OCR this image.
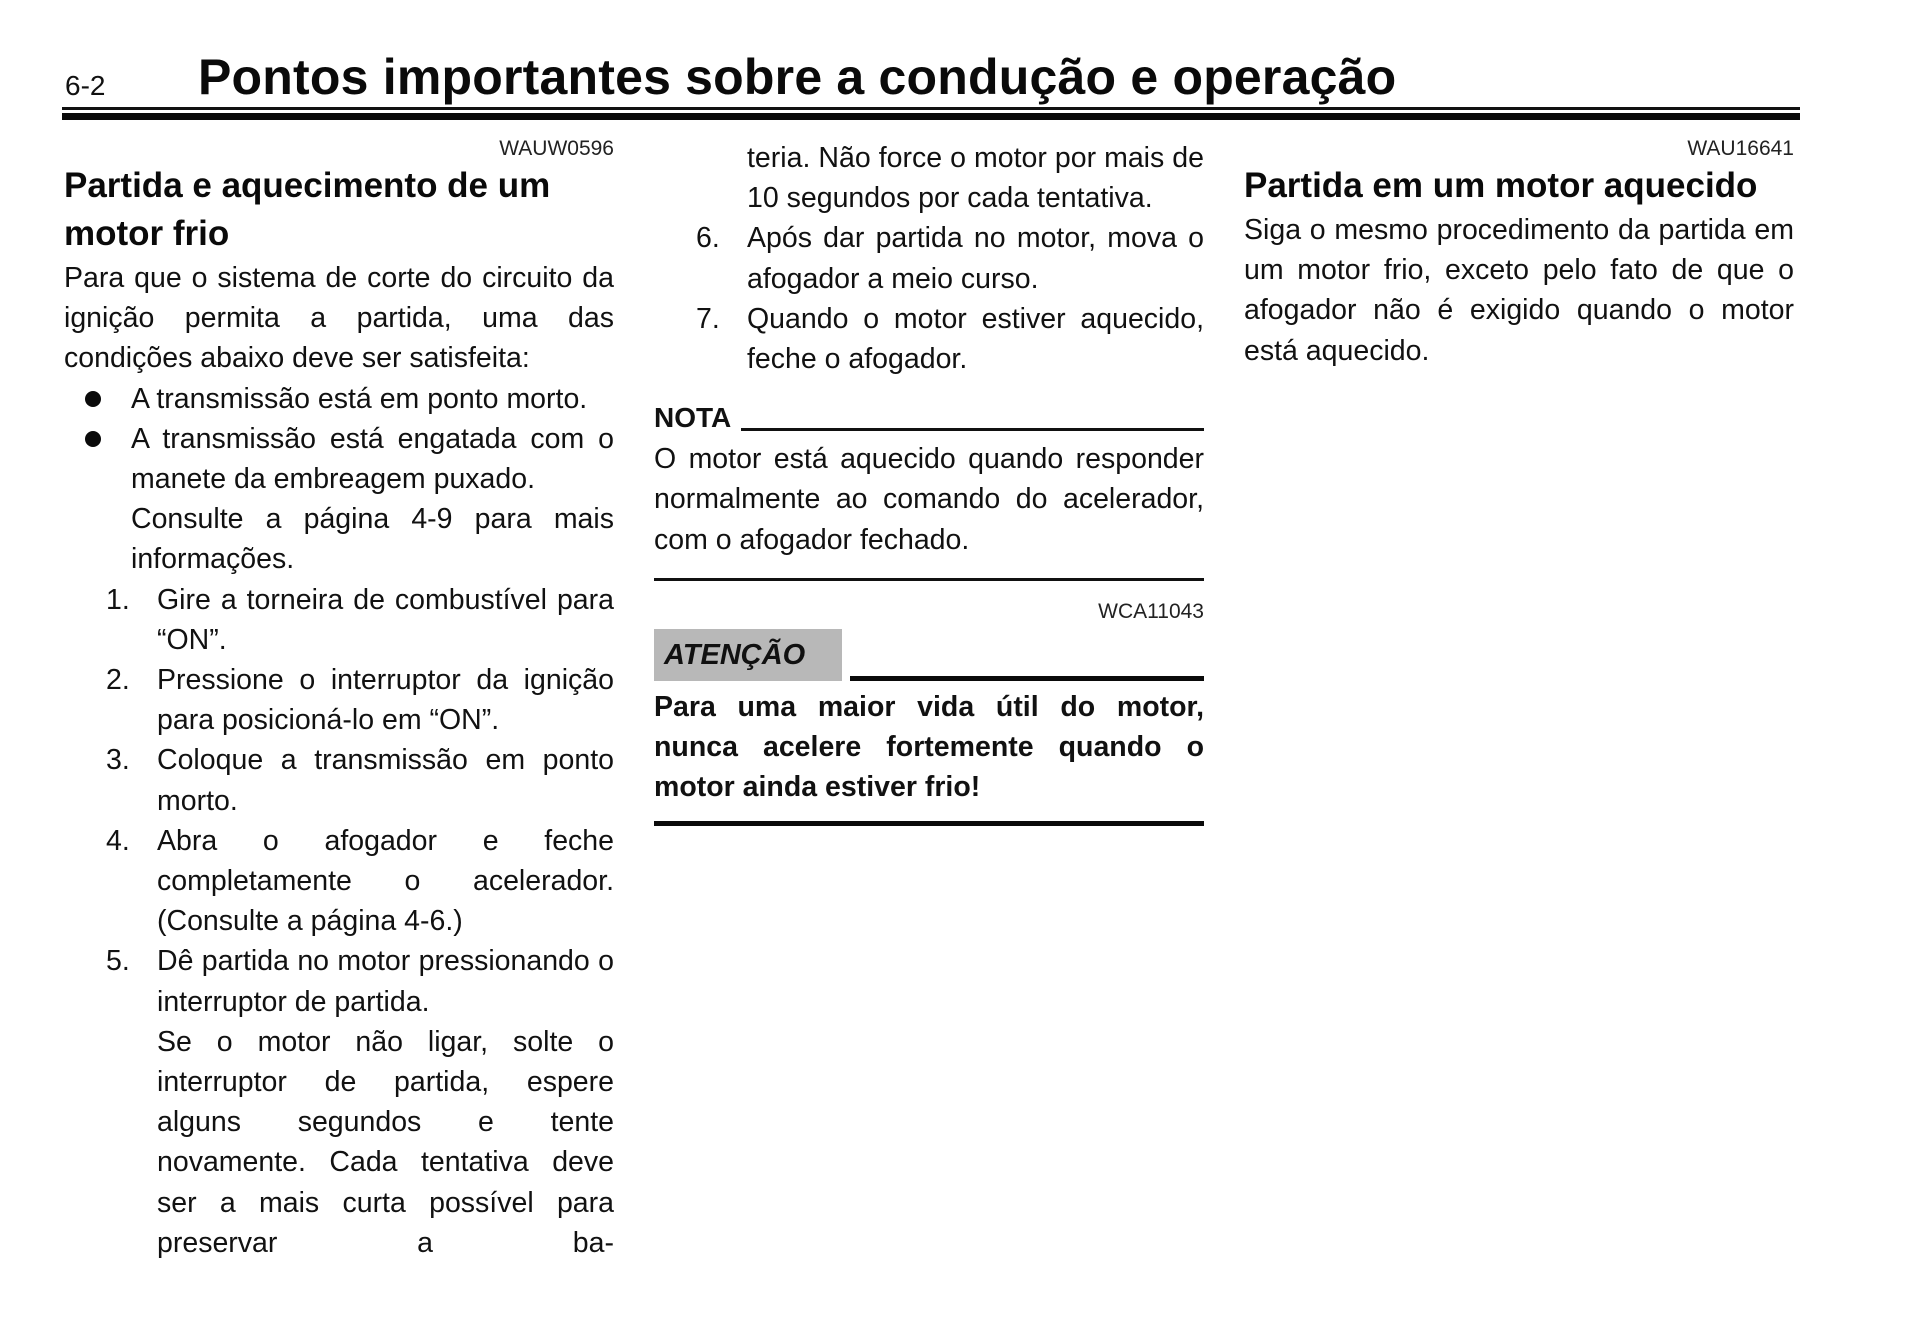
6-2 Pontos importantes sobre a condução e operação
WAUW0596
Partida e aquecimento de um
motor frio

Para que o sistema de corte do circuito da ignição permita a partida, uma das condições abaixo deve ser satisfeita:

A transmissão está em ponto morto.
A transmissão está engatada com o manete da embreagem puxado.
Consulte a página 4-9 para mais informações.
1. Gire a torneira de combustível para “ON”.
2. Pressione o interruptor da ignição para posicioná-lo em “ON”.
3. Coloque a transmissão em ponto morto.
4. Abra o afogador e feche completamente o acelerador. (Consulte a página 4-6.)
5. Dê partida no motor pressionando o interruptor de partida.
Se o motor não ligar, solte o interruptor de partida, espere alguns segundos e tente novamente. Cada tentativa deve ser a mais curta possível para preservar a ba-
teria. Não force o motor por mais de 10 segundos por cada tentativa.
6. Após dar partida no motor, mova o afogador a meio curso.
7. Quando o motor estiver aquecido, feche o afogador.
NOTA
O motor está aquecido quando responder normalmente ao comando do acelerador, com o afogador fechado.
WCA11043
ATENÇÃO
Para uma maior vida útil do motor, nunca acelere fortemente quando o motor ainda estiver frio!
WAU16641
Partida em um motor aquecido

Siga o mesmo procedimento da partida em um motor frio, exceto pelo fato de que o afogador não é exigido quando o motor está aquecido.
